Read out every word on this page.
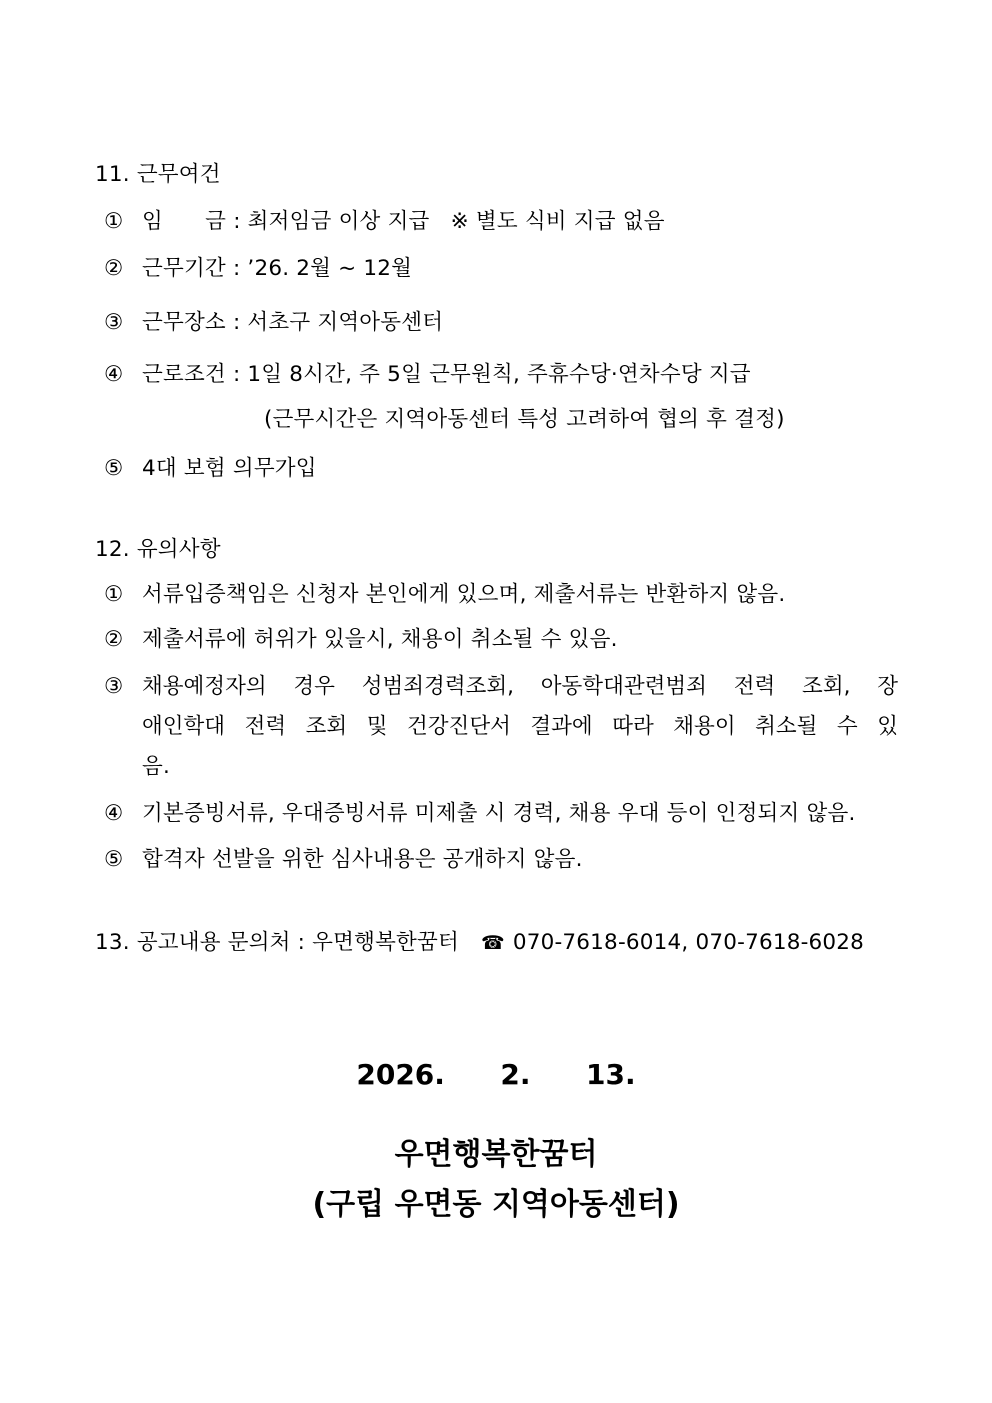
11. 근무여건
① 임      금 : 최저임금 이상 지급   ※ 별도 식비 지급 없음
② 근무기간 : ’26. 2월 ~ 12월
③ 근무장소 : 서초구 지역아동센터
④ 근로조건 : 1일 8시간, 주 5일 근무원칙, 주휴수당·연차수당 지급
(근무시간은 지역아동센터 특성 고려하여 협의 후 결정)
⑤ 4대 보험 의무가입
12. 유의사항
① 서류입증책임은 신청자 본인에게 있으며, 제출서류는 반환하지 않음.
② 제출서류에 허위가 있을시, 채용이 취소될 수 있음.
③ 채용예정자의 경우 성범죄경력조회, 아동학대관련범죄 전력 조회, 장
애인학대 전력 조회 및 건강진단서 결과에 따라 채용이 취소될 수 있
음.
④ 기본증빙서류, 우대증빙서류 미제출 시 경력, 채용 우대 등이 인정되지 않음.
⑤ 합격자 선발을 위한 심사내용은 공개하지 않음.
13. 공고내용 문의처 : 우면행복한꿈터 ☎ 070-7618-6014, 070-7618-6028
2026.  2.  13.
우면행복한꿈터
(구립 우면동 지역아동센터)
